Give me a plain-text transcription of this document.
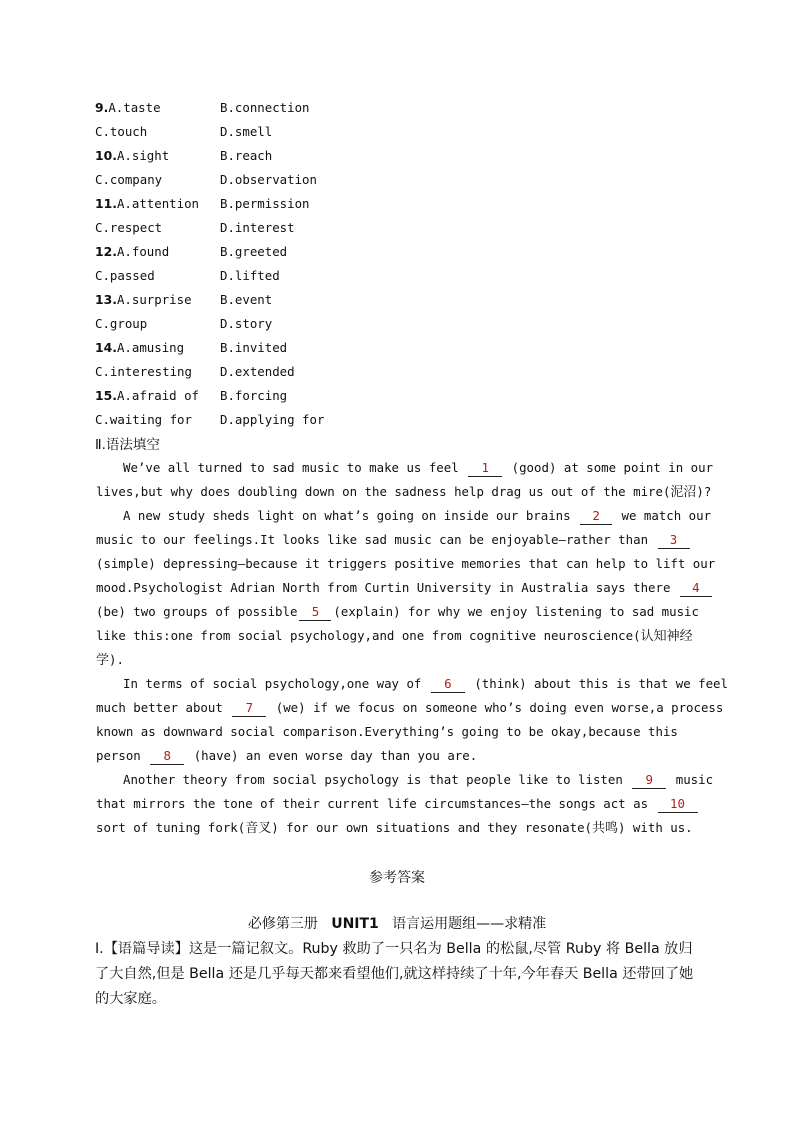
9.A.taste	B.connection
C.touch	D.smell
10.A.sight	B.reach
C.company	D.observation
11.A.attention B.permission
C.respect	D.interest
12.A.found	B.greeted
C.passed	D.lifted
13.A.surprise B.event
C.group	D.story
14.A.amusing	B.invited
C.interesting D.extended
15.A.afraid of B.forcing
C.waiting for D.applying for
Ⅱ.语法填空
We’ve all turned to sad music to make us feel 1 (good) at some point in our
lives,but why does doubling down on the sadness help drag us out of the mire(泥沼)?
A new study sheds light on what’s going on inside our brains 2 we match our
music to our feelings.It looks like sad music can be enjoyable—rather than 3
(simple) depressing—because it triggers positive memories that can help to lift our
mood.Psychologist Adrian North from Curtin University in Australia says there 4
(be) two groups of possible 5 (explain) for why we enjoy listening to sad music
like this:one from social psychology,and one from cognitive neuroscience(认知神经
学).
In terms of social psychology,one way of 6 (think) about this is that we feel
much better about 7 (we) if we focus on someone who’s doing even worse,a process
known as downward social comparison.Everything’s going to be okay,because this
person 8 (have) an even worse day than you are.
Another theory from social psychology is that people like to listen 9 music
that mirrors the tone of their current life circumstances—the songs act as 10
sort of tuning fork(音叉) for our own situations and they resonate(共鸣) with us.
参考答案
必修第三册 UNIT1 语言运用题组——求精准
Ⅰ.【语篇导读】这是一篇记叙文。Ruby 救助了一只名为 Bella 的松鼠,尽管 Ruby 将 Bella 放归了大自然,但是 Bella 还是几乎每天都来看望他们,就这样持续了十年,今年春天 Bella 还带回了她的大家庭。
